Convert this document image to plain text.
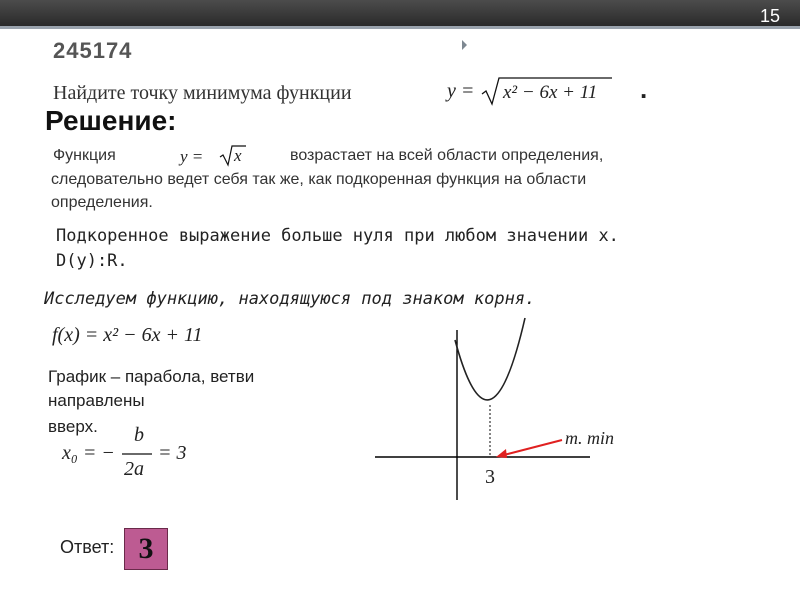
15
245174
Найдите точку минимума функции	y = x² − 6x + 11 .
Решение:
Функция	y = x	возрастает на всей области определения,
следовательно ведет себя так же, как подкоренная функция на области
определения.
Подкоренное выражение больше нуля при любом значении x.
D(y):R.
Исследуем функцию, находящуюся под знаком корня.
f(x) = x² − 6x + 11
График – парабола, ветви
направлены
вверх.
x₀ = −
b
2a
= 3
3
m. min
Ответ: 3
